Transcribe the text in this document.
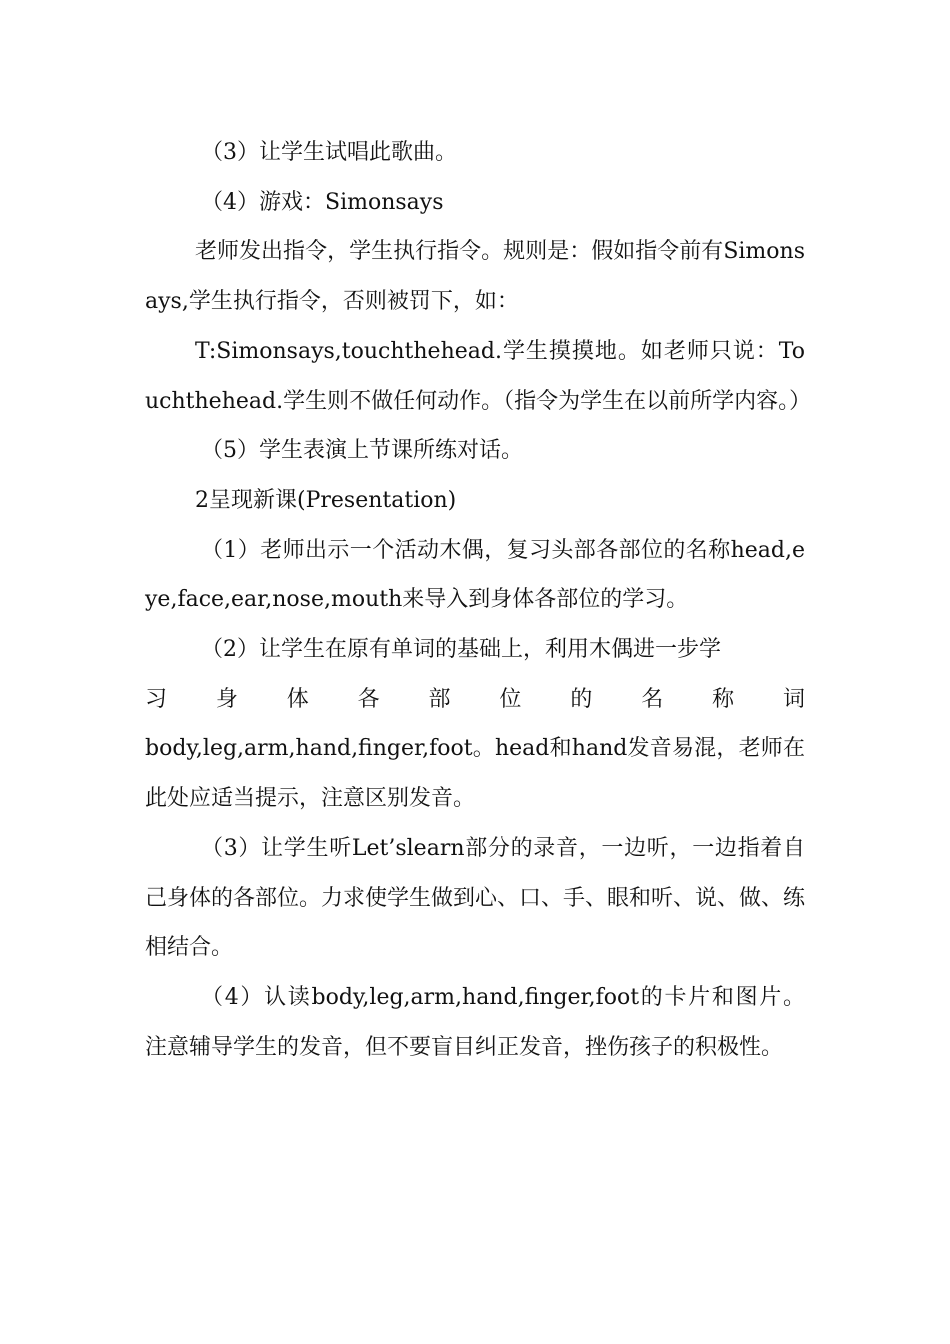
（3）让学生试唱此歌曲。

（4）游戏：Simonsays

老师发出指令，学生执行指令。规则是：假如指令前有Simonsays,学生执行指令，否则被罚下，如：

T:Simonsays,touchthehead.学生摸摸地。如老师只说：Touchthehead.学生则不做任何动作。（指令为学生在以前所学内容。）

（5）学生表演上节课所练对话。

2呈现新课(Presentation)

（1）老师出示一个活动木偶，复习头部各部位的名称head,eye,face,ear,nose,mouth来导入到身体各部位的学习。

（2）让学生在原有单词的基础上，利用木偶进一步学

习身体各部位的名称词

body,leg,arm,hand,finger,foot。head和hand发音易混，老师在此处应适当提示，注意区别发音。

（3）让学生听Let’slearn部分的录音，一边听，一边指着自己身体的各部位。力求使学生做到心、口、手、眼和听、说、做、练相结合。

（4）认读body,leg,arm,hand,finger,foot的卡片和图片。注意辅导学生的发音，但不要盲目纠正发音，挫伤孩子的积极性。
